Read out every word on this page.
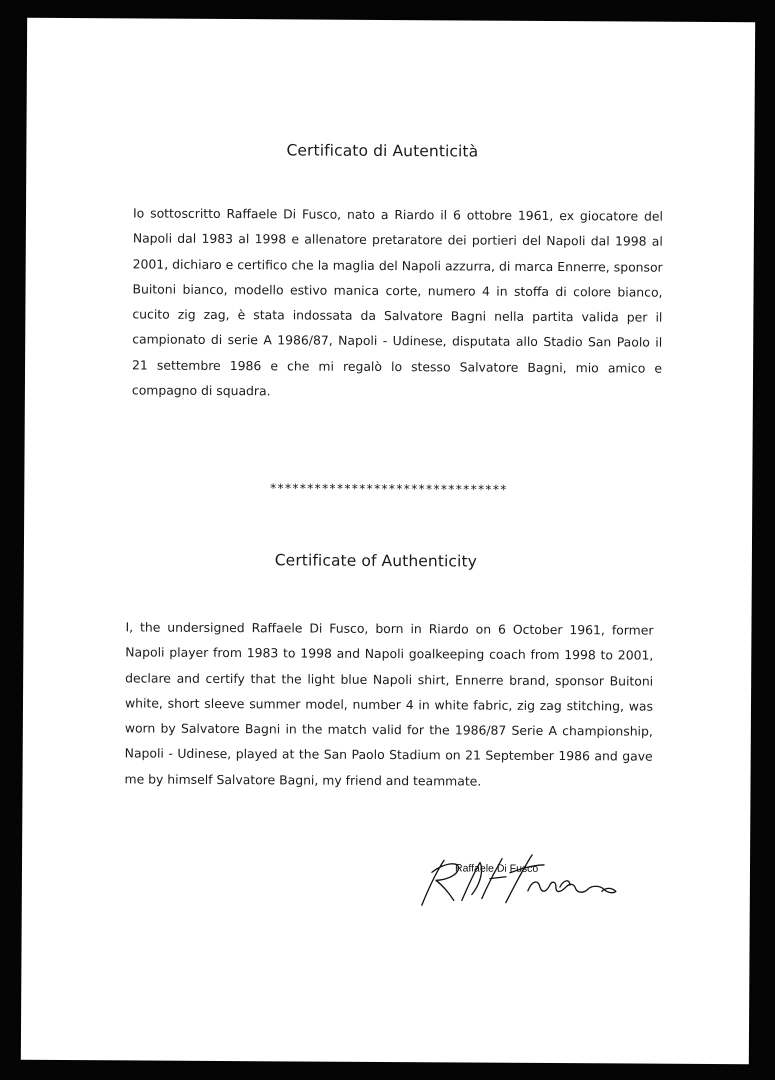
Certificato di Autenticità

Io sottoscritto Raffaele Di Fusco, nato a Riardo il 6 ottobre 1961, ex giocatore del Napoli dal 1983 al 1998 e allenatore pretaratore dei portieri del Napoli dal 1998 al 2001, dichiaro e certifico che la maglia del Napoli azzurra, di marca Ennerre, sponsor Buitoni bianco, modello estivo manica corte, numero 4 in stoffa di colore bianco, cucito zig zag, è stata indossata da Salvatore Bagni nella partita valida per il campionato di serie A 1986/87, Napoli - Udinese, disputata allo Stadio San Paolo il 21 settembre 1986 e che mi regalò lo stesso Salvatore Bagni, mio amico e compagno di squadra.

********************************
Certificate of Authenticity

I, the undersigned Raffaele Di Fusco, born in Riardo on 6 October 1961, former Napoli player from 1983 to 1998 and Napoli goalkeeping coach from 1998 to 2001, declare and certify that the light blue Napoli shirt, Ennerre brand, sponsor Buitoni white, short sleeve summer model, number 4 in white fabric, zig zag stitching, was worn by Salvatore Bagni in the match valid for the 1986/87 Serie A championship, Napoli - Udinese, played at the San Paolo Stadium on 21 September 1986 and gave me by himself Salvatore Bagni, my friend and teammate.

Raffaele Di Fusco
